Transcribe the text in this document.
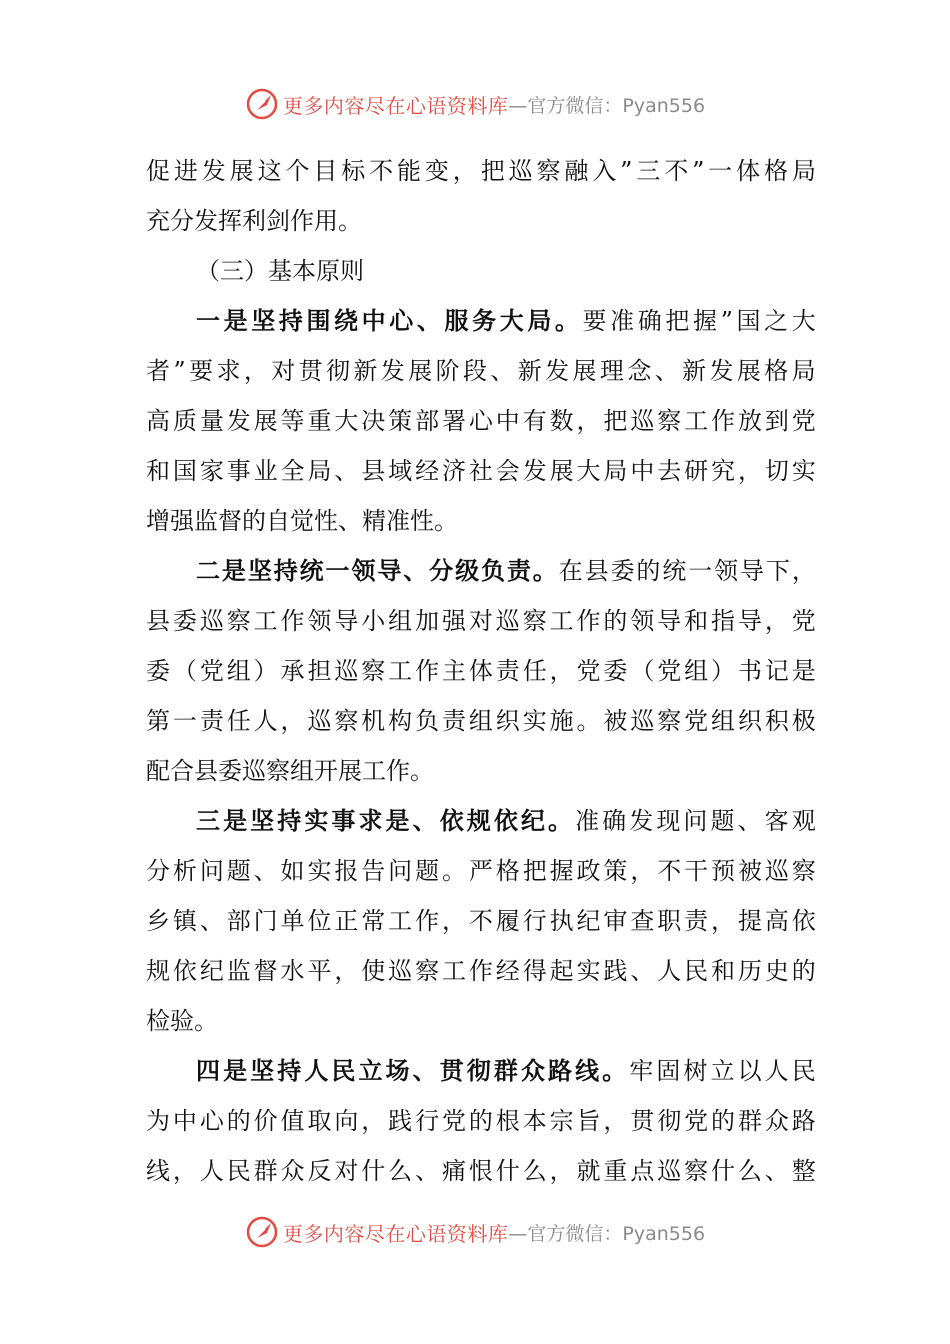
更多内容尽在心语资料库 —官方微信：Pyan556
促 进 发 展 这 个 目 标 不 能 变 ， 把 巡 察 融 入 ” 三 不 ” 一 体 格 局
充 分 发 挥 利 剑 作 用 。
（ 三 ） 基 本 原 则
一 是 坚 持 围 绕 中 心 、 服 务 大 局 。 要 准 确 把 握 ” 国 之 大
者 ” 要 求 ， 对 贯 彻 新 发 展 阶 段 、 新 发 展 理 念 、 新 发 展 格 局
高 质 量 发 展 等 重 大 决 策 部 署 心 中 有 数 ， 把 巡 察 工 作 放 到 党
和 国 家 事 业 全 局 、 县 域 经 济 社 会 发 展 大 局 中 去 研 究 ， 切 实
增 强 监 督 的 自 觉 性 、 精 准 性 。
二 是 坚 持 统 一 领 导 、 分 级 负 责 。 在 县 委 的 统 一 领 导 下 ，
县 委 巡 察 工 作 领 导 小 组 加 强 对 巡 察 工 作 的 领 导 和 指 导 ， 党
委 （ 党 组 ） 承 担 巡 察 工 作 主 体 责 任 ， 党 委 （ 党 组 ） 书 记 是
第 一 责 任 人 ， 巡 察 机 构 负 责 组 织 实 施 。 被 巡 察 党 组 织 积 极
配 合 县 委 巡 察 组 开 展 工 作 。
三 是 坚 持 实 事 求 是 、 依 规 依 纪 。 准 确 发 现 问 题 、 客 观
分 析 问 题 、 如 实 报 告 问 题 。 严 格 把 握 政 策 ， 不 干 预 被 巡 察
乡 镇 、 部 门 单 位 正 常 工 作 ， 不 履 行 执 纪 审 查 职 责 ， 提 高 依
规 依 纪 监 督 水 平 ， 使 巡 察 工 作 经 得 起 实 践 、 人 民 和 历 史 的
检 验 。
四 是 坚 持 人 民 立 场 、 贯 彻 群 众 路 线 。 牢 固 树 立 以 人 民
为 中 心 的 价 值 取 向 ， 践 行 党 的 根 本 宗 旨 ， 贯 彻 党 的 群 众 路
线 ， 人 民 群 众 反 对 什 么 、 痛 恨 什 么 ， 就 重 点 巡 察 什 么 、 整
更多内容尽在心语资料库 —官方微信：Pyan556
